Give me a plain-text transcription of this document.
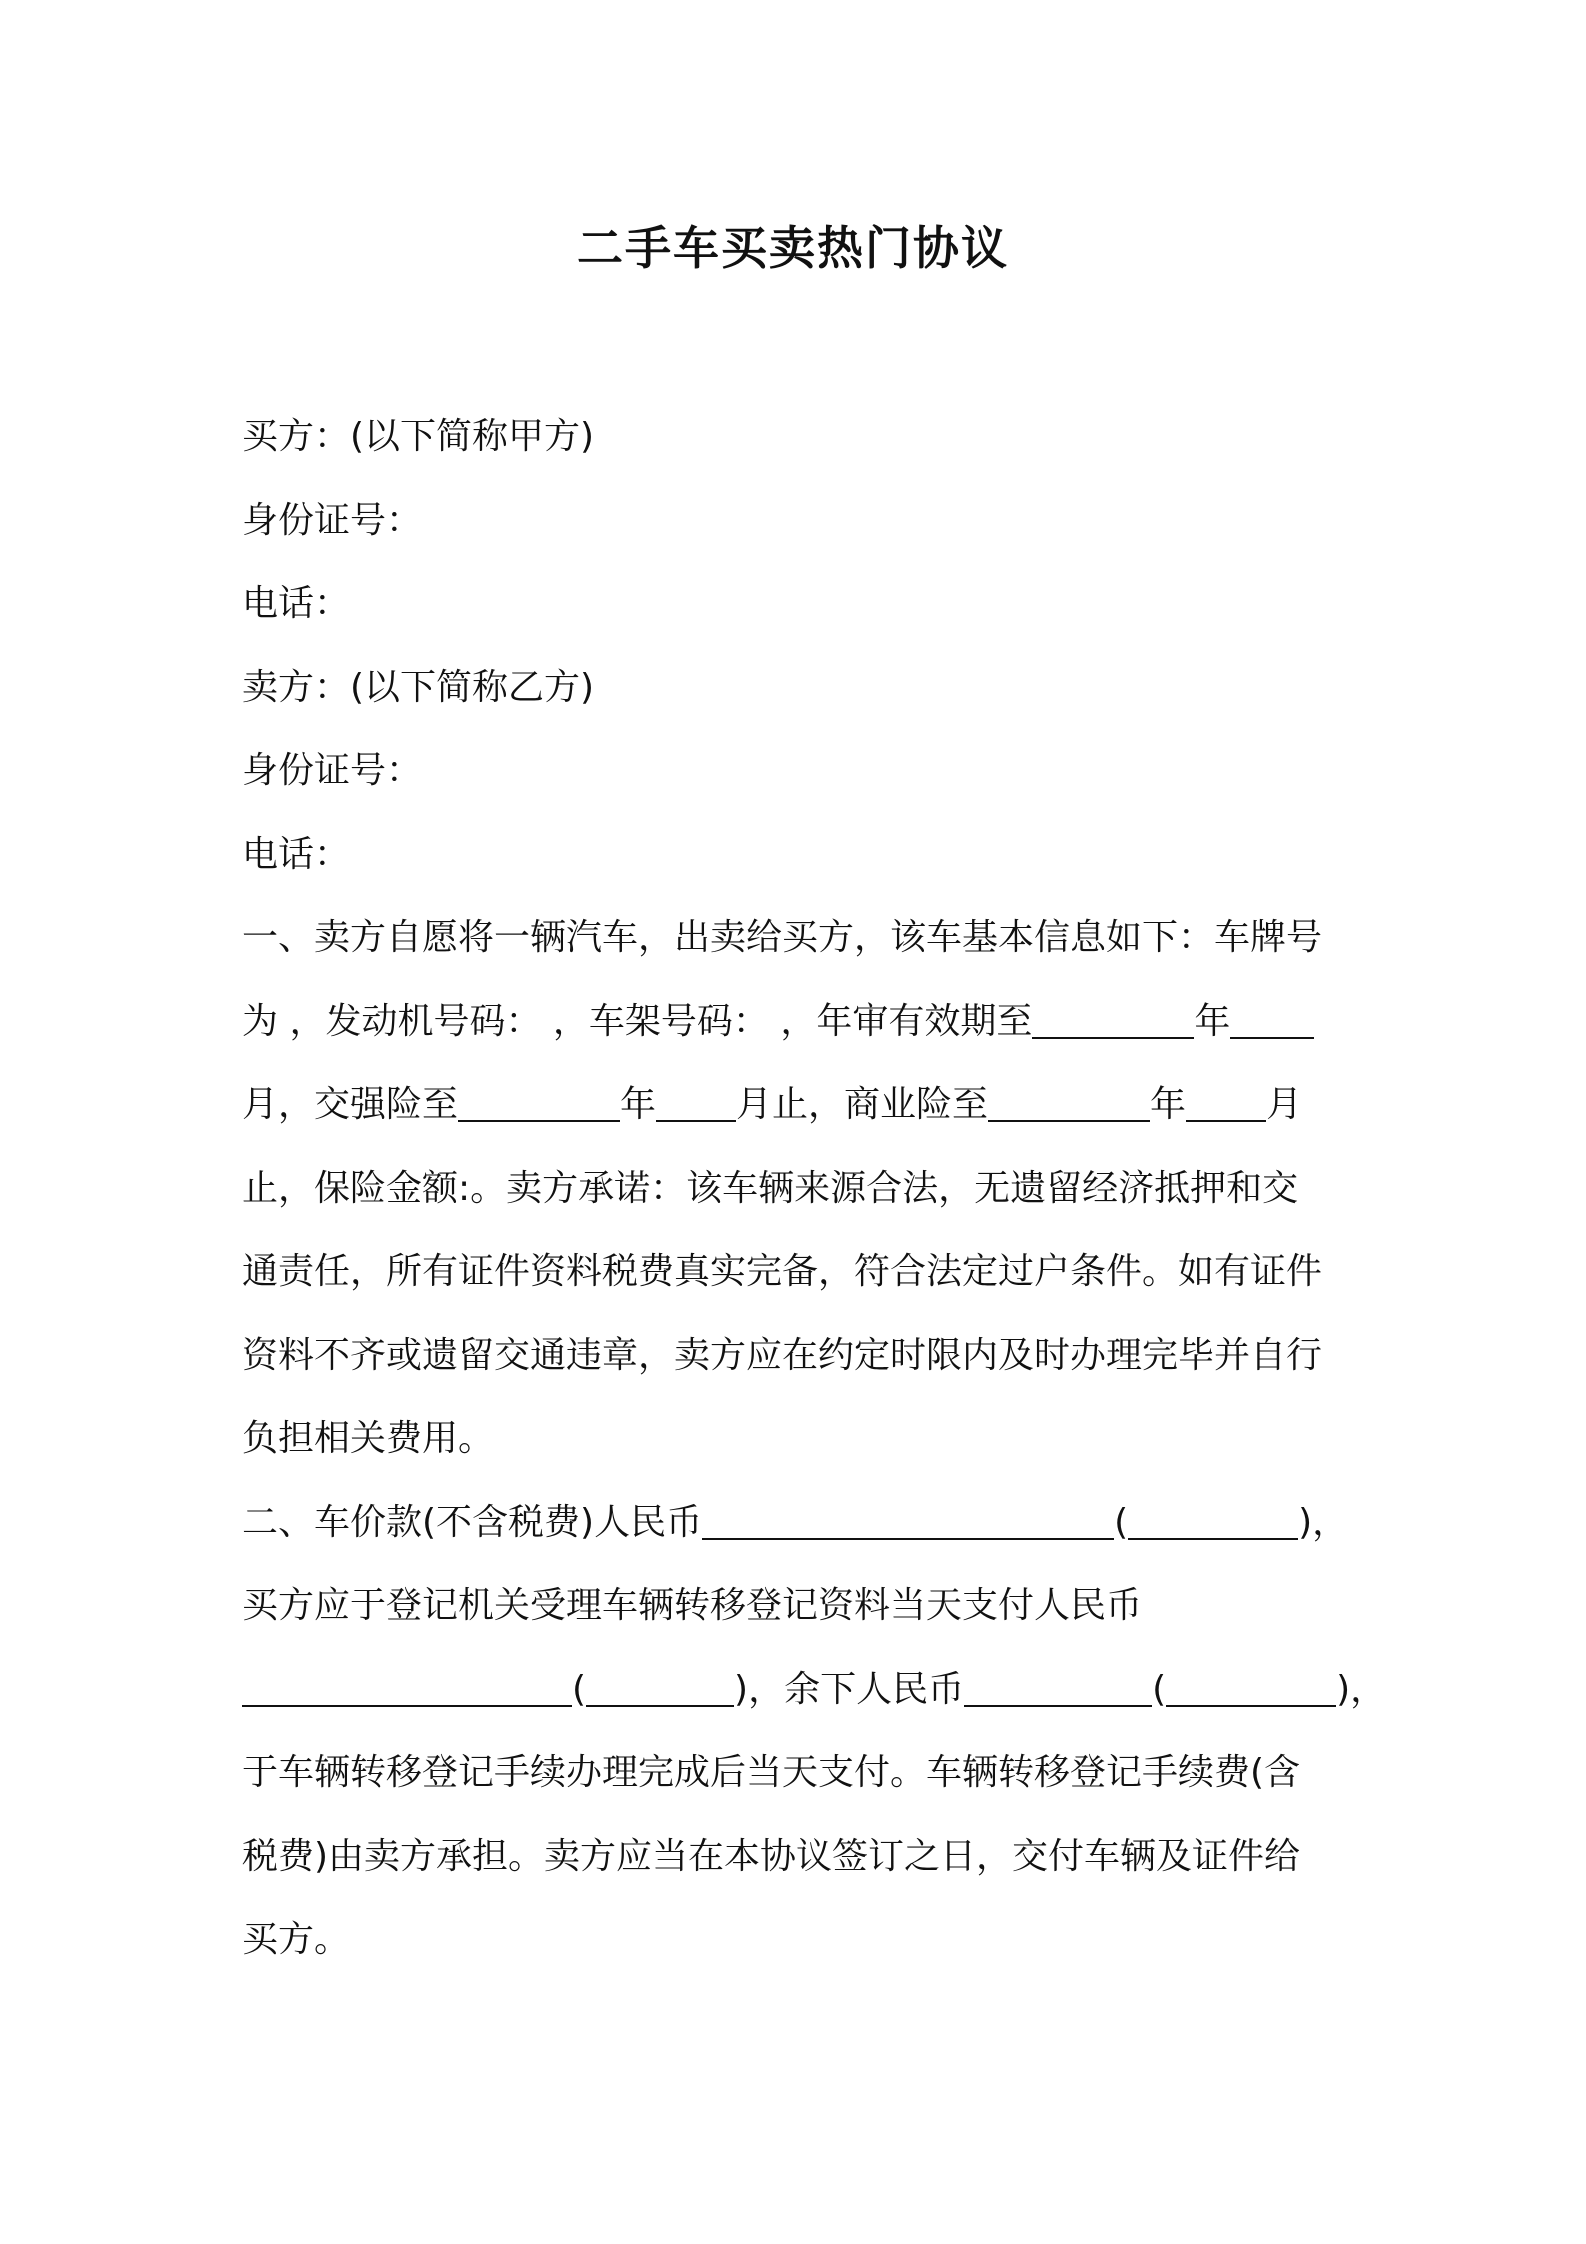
二手车买卖热门协议
买方：(以下简称甲方)
身份证号：
电话：
卖方：(以下简称乙方)
身份证号：
电话：
一、卖方自愿将一辆汽车，出卖给买方，该车基本信息如下：车牌号
为 ，发动机号码： ，车架号码： ，年审有效期至	年
月，交强险至	年 月止，商业险至	年 月
止，保险金额:。卖方承诺：该车辆来源合法，无遗留经济抵押和交
通责任，所有证件资料税费真实完备，符合法定过户条件。如有证件
资料不齐或遗留交通违章，卖方应在约定时限内及时办理完毕并自行
负担相关费用。
二、车价款(不含税费)人民币	(	)，
买方应于登记机关受理车辆转移登记资料当天支付人民币
(	)，余下人民币	(	)，
于车辆转移登记手续办理完成后当天支付。车辆转移登记手续费(含
税费)由卖方承担。卖方应当在本协议签订之日，交付车辆及证件给
买方。
